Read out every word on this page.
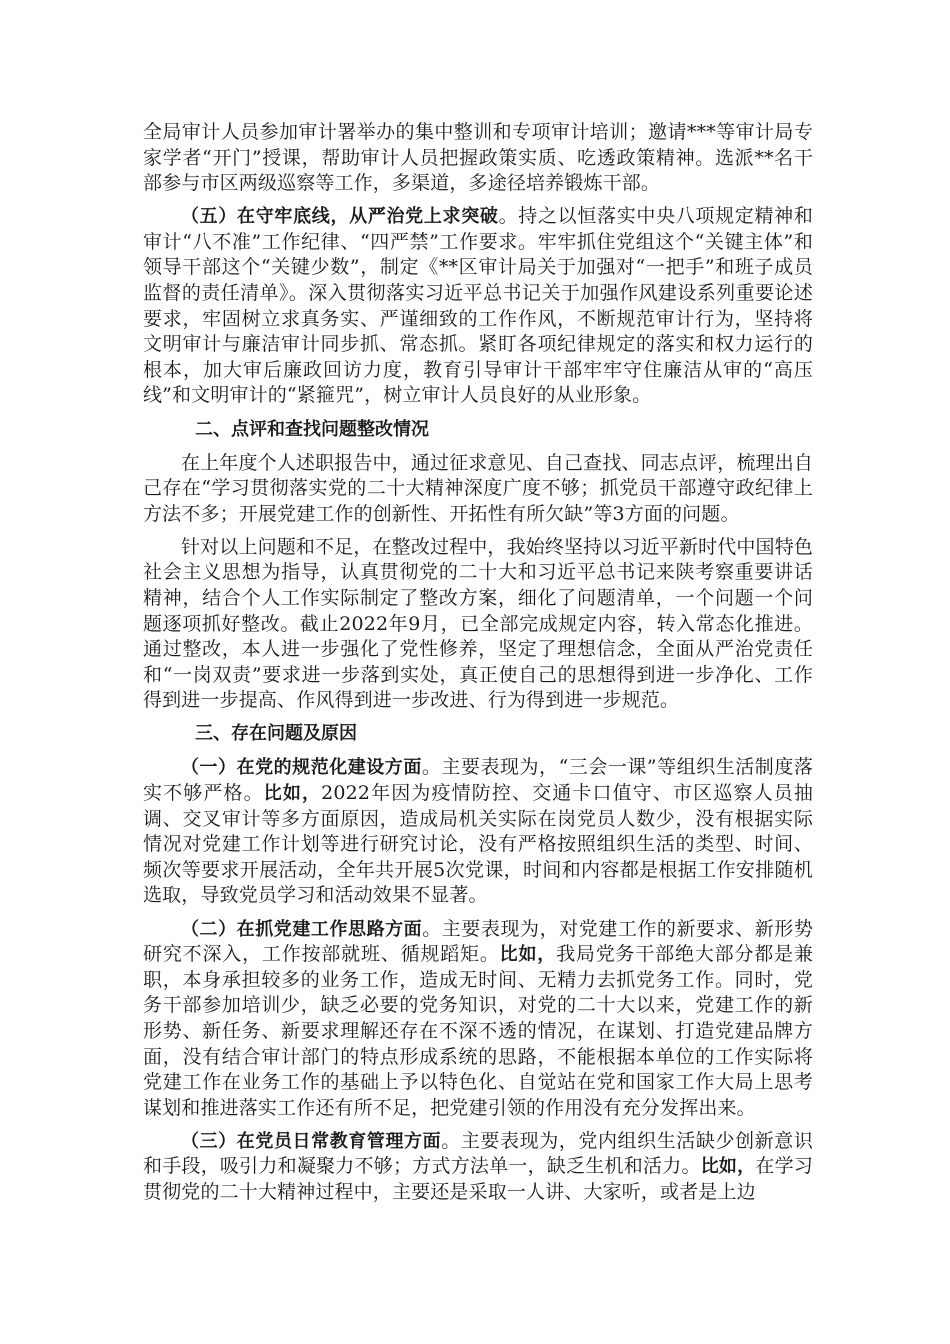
全局审计人员参加审计署举办的集中整训和专项审计培训；邀请***等审计局专家学者“开门”授课，帮助审计人员把握政策实质、吃透政策精神。选派**名干部参与市区两级巡察等工作，多渠道，多途径培养锻炼干部。

（五）在守牢底线，从严治党上求突破。持之以恒落实中央八项规定精神和审计“八不准”工作纪律、“四严禁”工作要求。牢牢抓住党组这个“关键主体”和领导干部这个“关键少数”，制定《**区审计局关于加强对“一把手”和班子成员监督的责任清单》。深入贯彻落实习近平总书记关于加强作风建设系列重要论述要求，牢固树立求真务实、严谨细致的工作作风，不断规范审计行为，坚持将文明审计与廉洁审计同步抓、常态抓。紧盯各项纪律规定的落实和权力运行的根本，加大审后廉政回访力度，教育引导审计干部牢牢守住廉洁从审的“高压线”和文明审计的“紧箍咒”，树立审计人员良好的从业形象。

二、点评和查找问题整改情况

在上年度个人述职报告中，通过征求意见、自己查找、同志点评，梳理出自己存在“学习贯彻落实党的二十大精神深度广度不够；抓党员干部遵守政纪律上方法不多；开展党建工作的创新性、开拓性有所欠缺”等3方面的问题。

针对以上问题和不足，在整改过程中，我始终坚持以习近平新时代中国特色社会主义思想为指导，认真贯彻党的二十大和习近平总书记来陕考察重要讲话精神，结合个人工作实际制定了整改方案，细化了问题清单，一个问题一个问题逐项抓好整改。截止2022年9月，已全部完成规定内容，转入常态化推进。通过整改，本人进一步强化了党性修养，坚定了理想信念，全面从严治党责任和“一岗双责”要求进一步落到实处，真正使自己的思想得到进一步净化、工作得到进一步提高、作风得到进一步改进、行为得到进一步规范。

三、存在问题及原因

（一）在党的规范化建设方面。主要表现为，“三会一课”等组织生活制度落实不够严格。比如，2022年因为疫情防控、交通卡口值守、市区巡察人员抽调、交叉审计等多方面原因，造成局机关实际在岗党员人数少，没有根据实际情况对党建工作计划等进行研究讨论，没有严格按照组织生活的类型、时间、频次等要求开展活动，全年共开展5次党课，时间和内容都是根据工作安排随机选取，导致党员学习和活动效果不显著。

（二）在抓党建工作思路方面。主要表现为，对党建工作的新要求、新形势研究不深入，工作按部就班、循规蹈矩。比如，我局党务干部绝大部分都是兼职，本身承担较多的业务工作，造成无时间、无精力去抓党务工作。同时，党务干部参加培训少，缺乏必要的党务知识，对党的二十大以来，党建工作的新形势、新任务、新要求理解还存在不深不透的情况，在谋划、打造党建品牌方面，没有结合审计部门的特点形成系统的思路，不能根据本单位的工作实际将党建工作在业务工作的基础上予以特色化、自觉站在党和国家工作大局上思考谋划和推进落实工作还有所不足，把党建引领的作用没有充分发挥出来。

（三）在党员日常教育管理方面。主要表现为，党内组织生活缺少创新意识和手段，吸引力和凝聚力不够；方式方法单一，缺乏生机和活力。比如，在学习贯彻党的二十大精神过程中，主要还是采取一人讲、大家听，或者是上边
